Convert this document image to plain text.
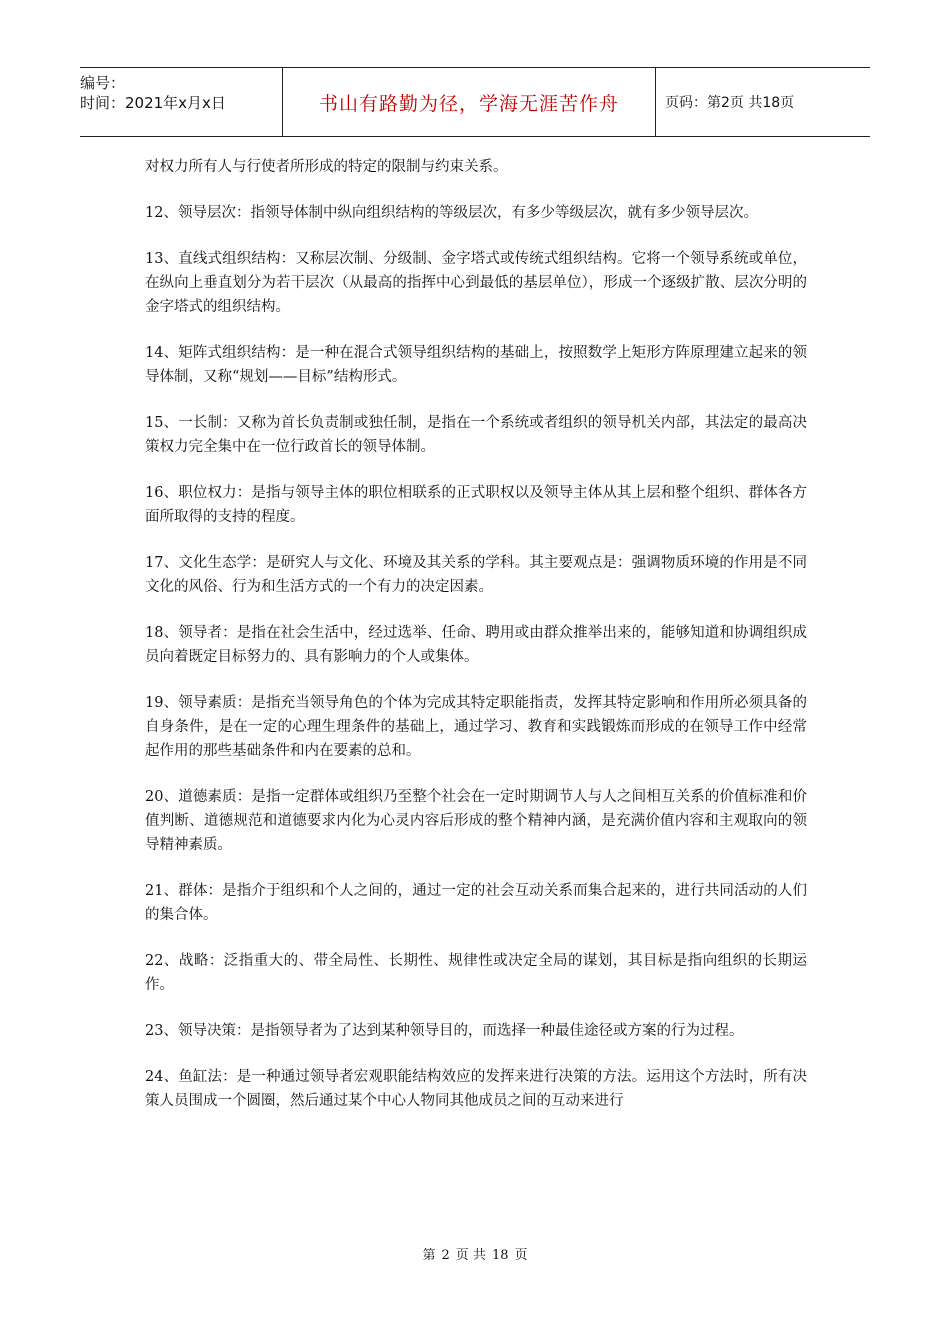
编号：
时间：2021年x月x日	书山有路勤为径，学海无涯苦作舟	页码：第2页 共18页

对权力所有人与行使者所形成的特定的限制与约束关系。

12、领导层次：指领导体制中纵向组织结构的等级层次，有多少等级层次，就有多少领导层次。

13、直线式组织结构：又称层次制、分级制、金字塔式或传统式组织结构。它将一个领导系统或单位，在纵向上垂直划分为若干层次（从最高的指挥中心到最低的基层单位），形成一个逐级扩散、层次分明的金字塔式的组织结构。

14、矩阵式组织结构：是一种在混合式领导组织结构的基础上，按照数学上矩形方阵原理建立起来的领导体制，又称“规划——目标”结构形式。

15、一长制：又称为首长负责制或独任制，是指在一个系统或者组织的领导机关内部，其法定的最高决策权力完全集中在一位行政首长的领导体制。

16、职位权力：是指与领导主体的职位相联系的正式职权以及领导主体从其上层和整个组织、群体各方面所取得的支持的程度。

17、文化生态学：是研究人与文化、环境及其关系的学科。其主要观点是：强调物质环境的作用是不同文化的风俗、行为和生活方式的一个有力的决定因素。

18、领导者：是指在社会生活中，经过选举、任命、聘用或由群众推举出来的，能够知道和协调组织成员向着既定目标努力的、具有影响力的个人或集体。

19、领导素质：是指充当领导角色的个体为完成其特定职能指责，发挥其特定影响和作用所必须具备的自身条件，是在一定的心理生理条件的基础上，通过学习、教育和实践锻炼而形成的在领导工作中经常起作用的那些基础条件和内在要素的总和。

20、道德素质：是指一定群体或组织乃至整个社会在一定时期调节人与人之间相互关系的价值标准和价值判断、道德规范和道德要求内化为心灵内容后形成的整个精神内涵，是充满价值内容和主观取向的领导精神素质。

21、群体：是指介于组织和个人之间的，通过一定的社会互动关系而集合起来的，进行共同活动的人们的集合体。

22、战略：泛指重大的、带全局性、长期性、规律性或决定全局的谋划，其目标是指向组织的长期运作。

23、领导决策：是指领导者为了达到某种领导目的，而选择一种最佳途径或方案的行为过程。

24、鱼缸法：是一种通过领导者宏观职能结构效应的发挥来进行决策的方法。运用这个方法时，所有决策人员围成一个圆圈，然后通过某个中心人物同其他成员之间的互动来进行

第 2 页 共 18 页
